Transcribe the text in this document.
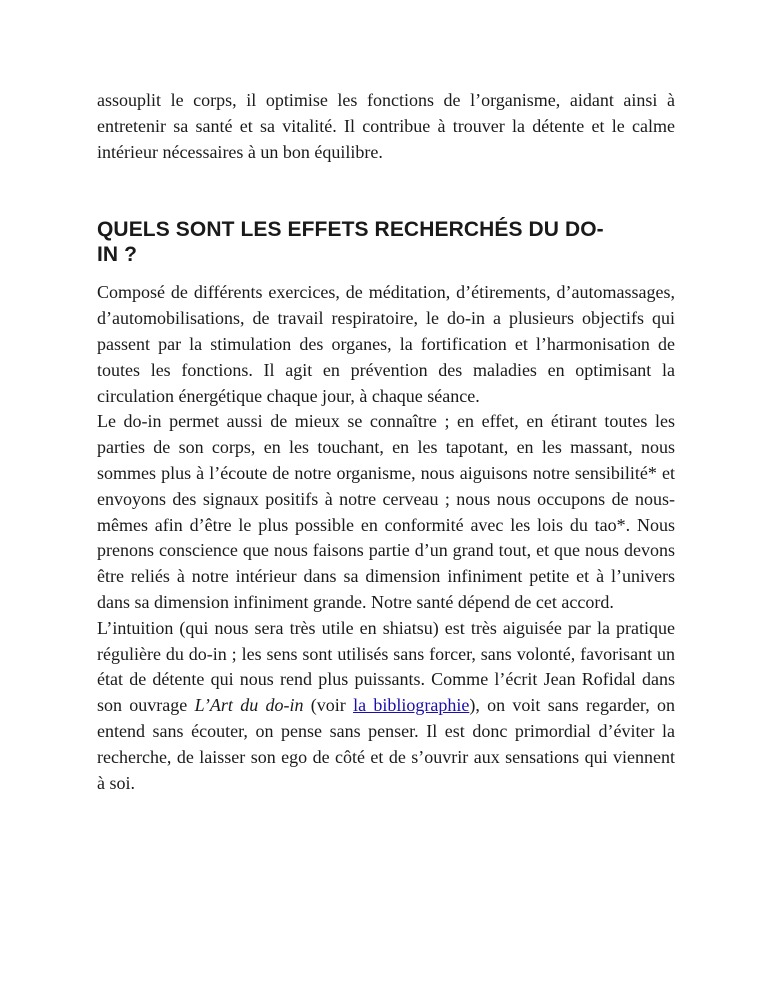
assouplit le corps, il optimise les fonctions de l’organisme, aidant ainsi à entretenir sa santé et sa vitalité. Il contribue à trouver la détente et le calme intérieur nécessaires à un bon équilibre.

QUELS SONT LES EFFETS RECHERCHÉS DU DO-IN ?

Composé de différents exercices, de méditation, d’étirements, d’automassages, d’automobilisations, de travail respiratoire, le do-in a plusieurs objectifs qui passent par la stimulation des organes, la fortification et l’harmonisation de toutes les fonctions. Il agit en prévention des maladies en optimisant la circulation énergétique chaque jour, à chaque séance.

Le do-in permet aussi de mieux se connaître ; en effet, en étirant toutes les parties de son corps, en les touchant, en les tapotant, en les massant, nous sommes plus à l’écoute de notre organisme, nous aiguisons notre sensibilité* et envoyons des signaux positifs à notre cerveau ; nous nous occupons de nous-mêmes afin d’être le plus possible en conformité avec les lois du tao*. Nous prenons conscience que nous faisons partie d’un grand tout, et que nous devons être reliés à notre intérieur dans sa dimension infiniment petite et à l’univers dans sa dimension infiniment grande. Notre santé dépend de cet accord.

L’intuition (qui nous sera très utile en shiatsu) est très aiguisée par la pratique régulière du do-in ; les sens sont utilisés sans forcer, sans volonté, favorisant un état de détente qui nous rend plus puissants. Comme l’écrit Jean Rofidal dans son ouvrage L’Art du do-in (voir la bibliographie), on voit sans regarder, on entend sans écouter, on pense sans penser. Il est donc primordial d’éviter la recherche, de laisser son ego de côté et de s’ouvrir aux sensations qui viennent à soi.
